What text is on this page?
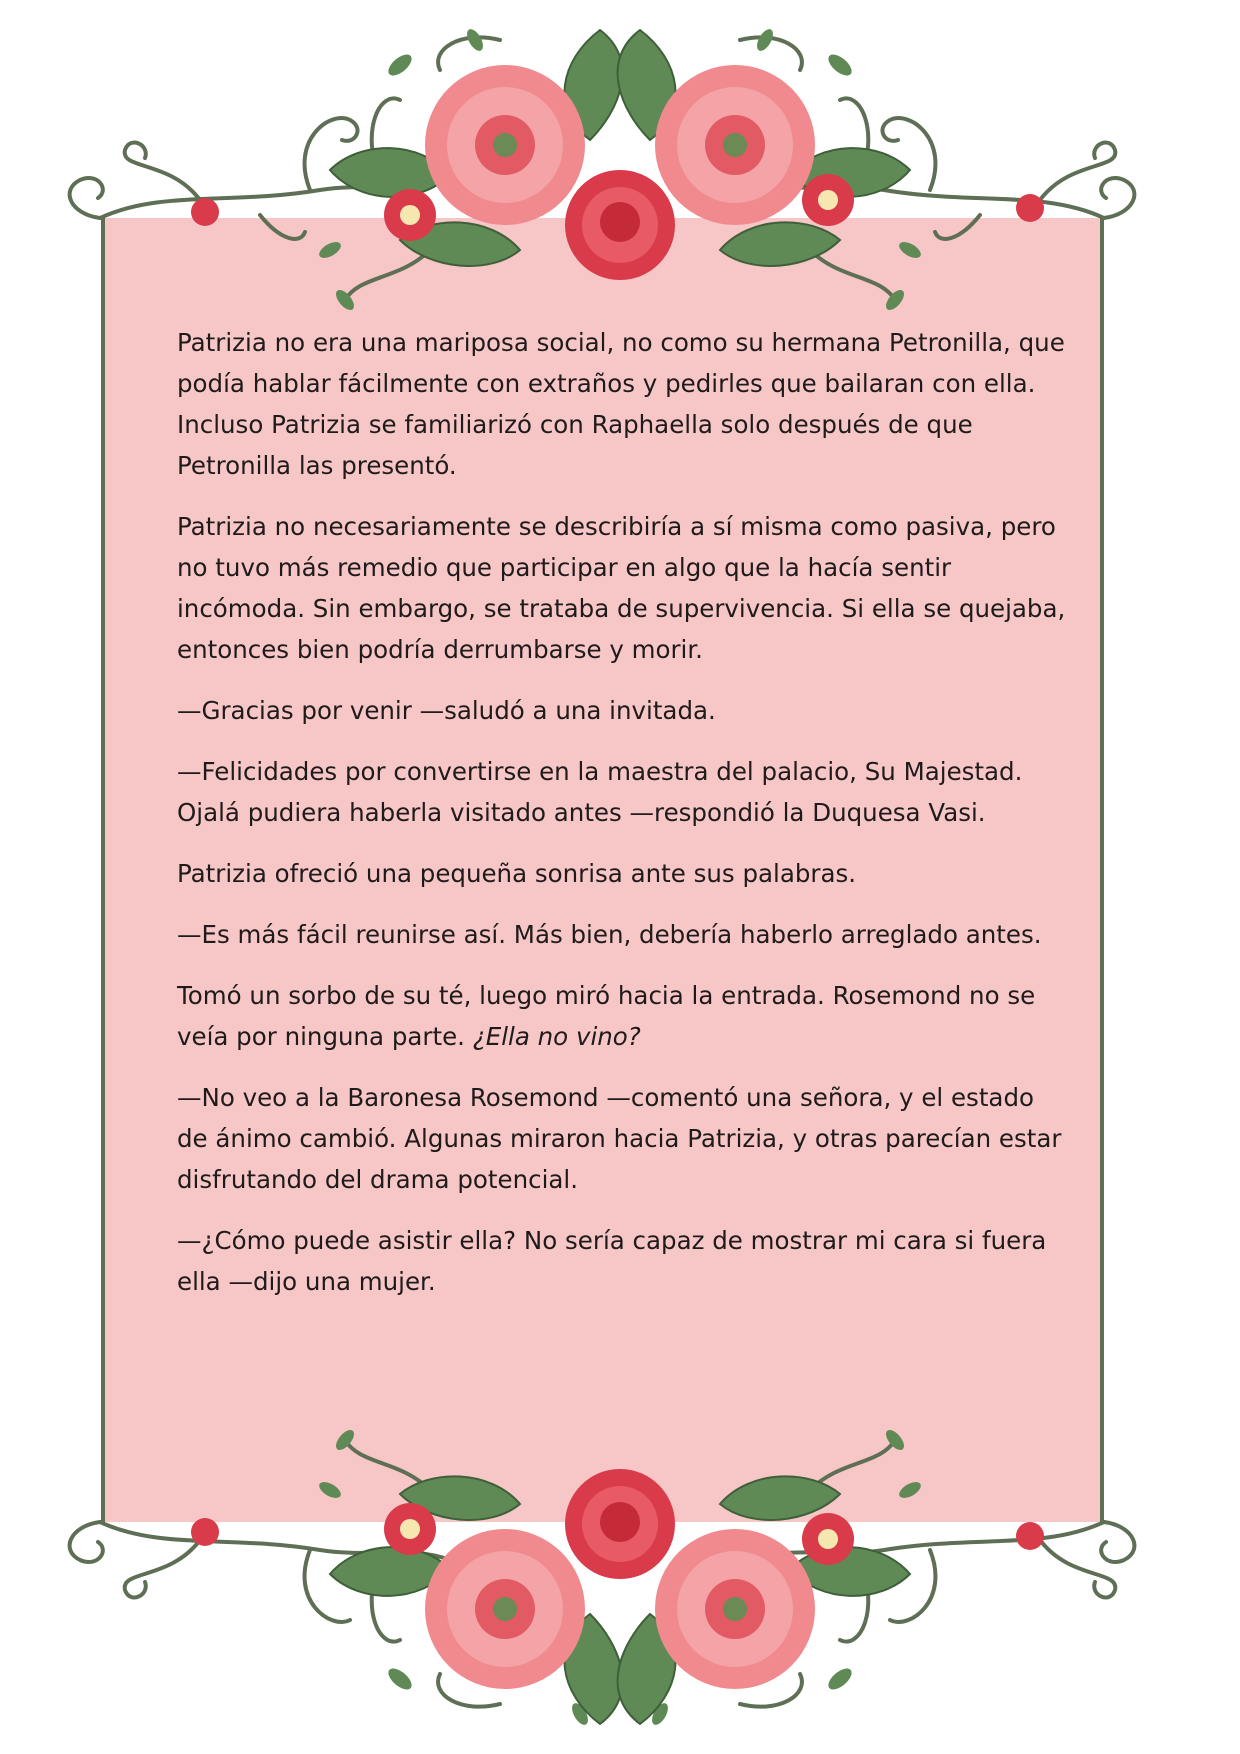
Patrizia no era una mariposa social, no como su hermana Petronilla, que podía hablar fácilmente con extraños y pedirles que bailaran con ella. Incluso Patrizia se familiarizó con Raphaella solo después de que Petronilla las presentó.

Patrizia no necesariamente se describiría a sí misma como pasiva, pero no tuvo más remedio que participar en algo que la hacía sentir incómoda. Sin embargo, se trataba de supervivencia. Si ella se quejaba, entonces bien podría derrumbarse y morir.

—Gracias por venir —saludó a una invitada.

—Felicidades por convertirse en la maestra del palacio, Su Majestad. Ojalá pudiera haberla visitado antes —respondió la Duquesa Vasi.

Patrizia ofreció una pequeña sonrisa ante sus palabras.

—Es más fácil reunirse así. Más bien, debería haberlo arreglado antes.

Tomó un sorbo de su té, luego miró hacia la entrada. Rosemond no se veía por ninguna parte. ¿Ella no vino?

—No veo a la Baronesa Rosemond —comentó una señora, y el estado de ánimo cambió. Algunas miraron hacia Patrizia, y otras parecían estar disfrutando del drama potencial.

—¿Cómo puede asistir ella? No sería capaz de mostrar mi cara si fuera ella —dijo una mujer.
